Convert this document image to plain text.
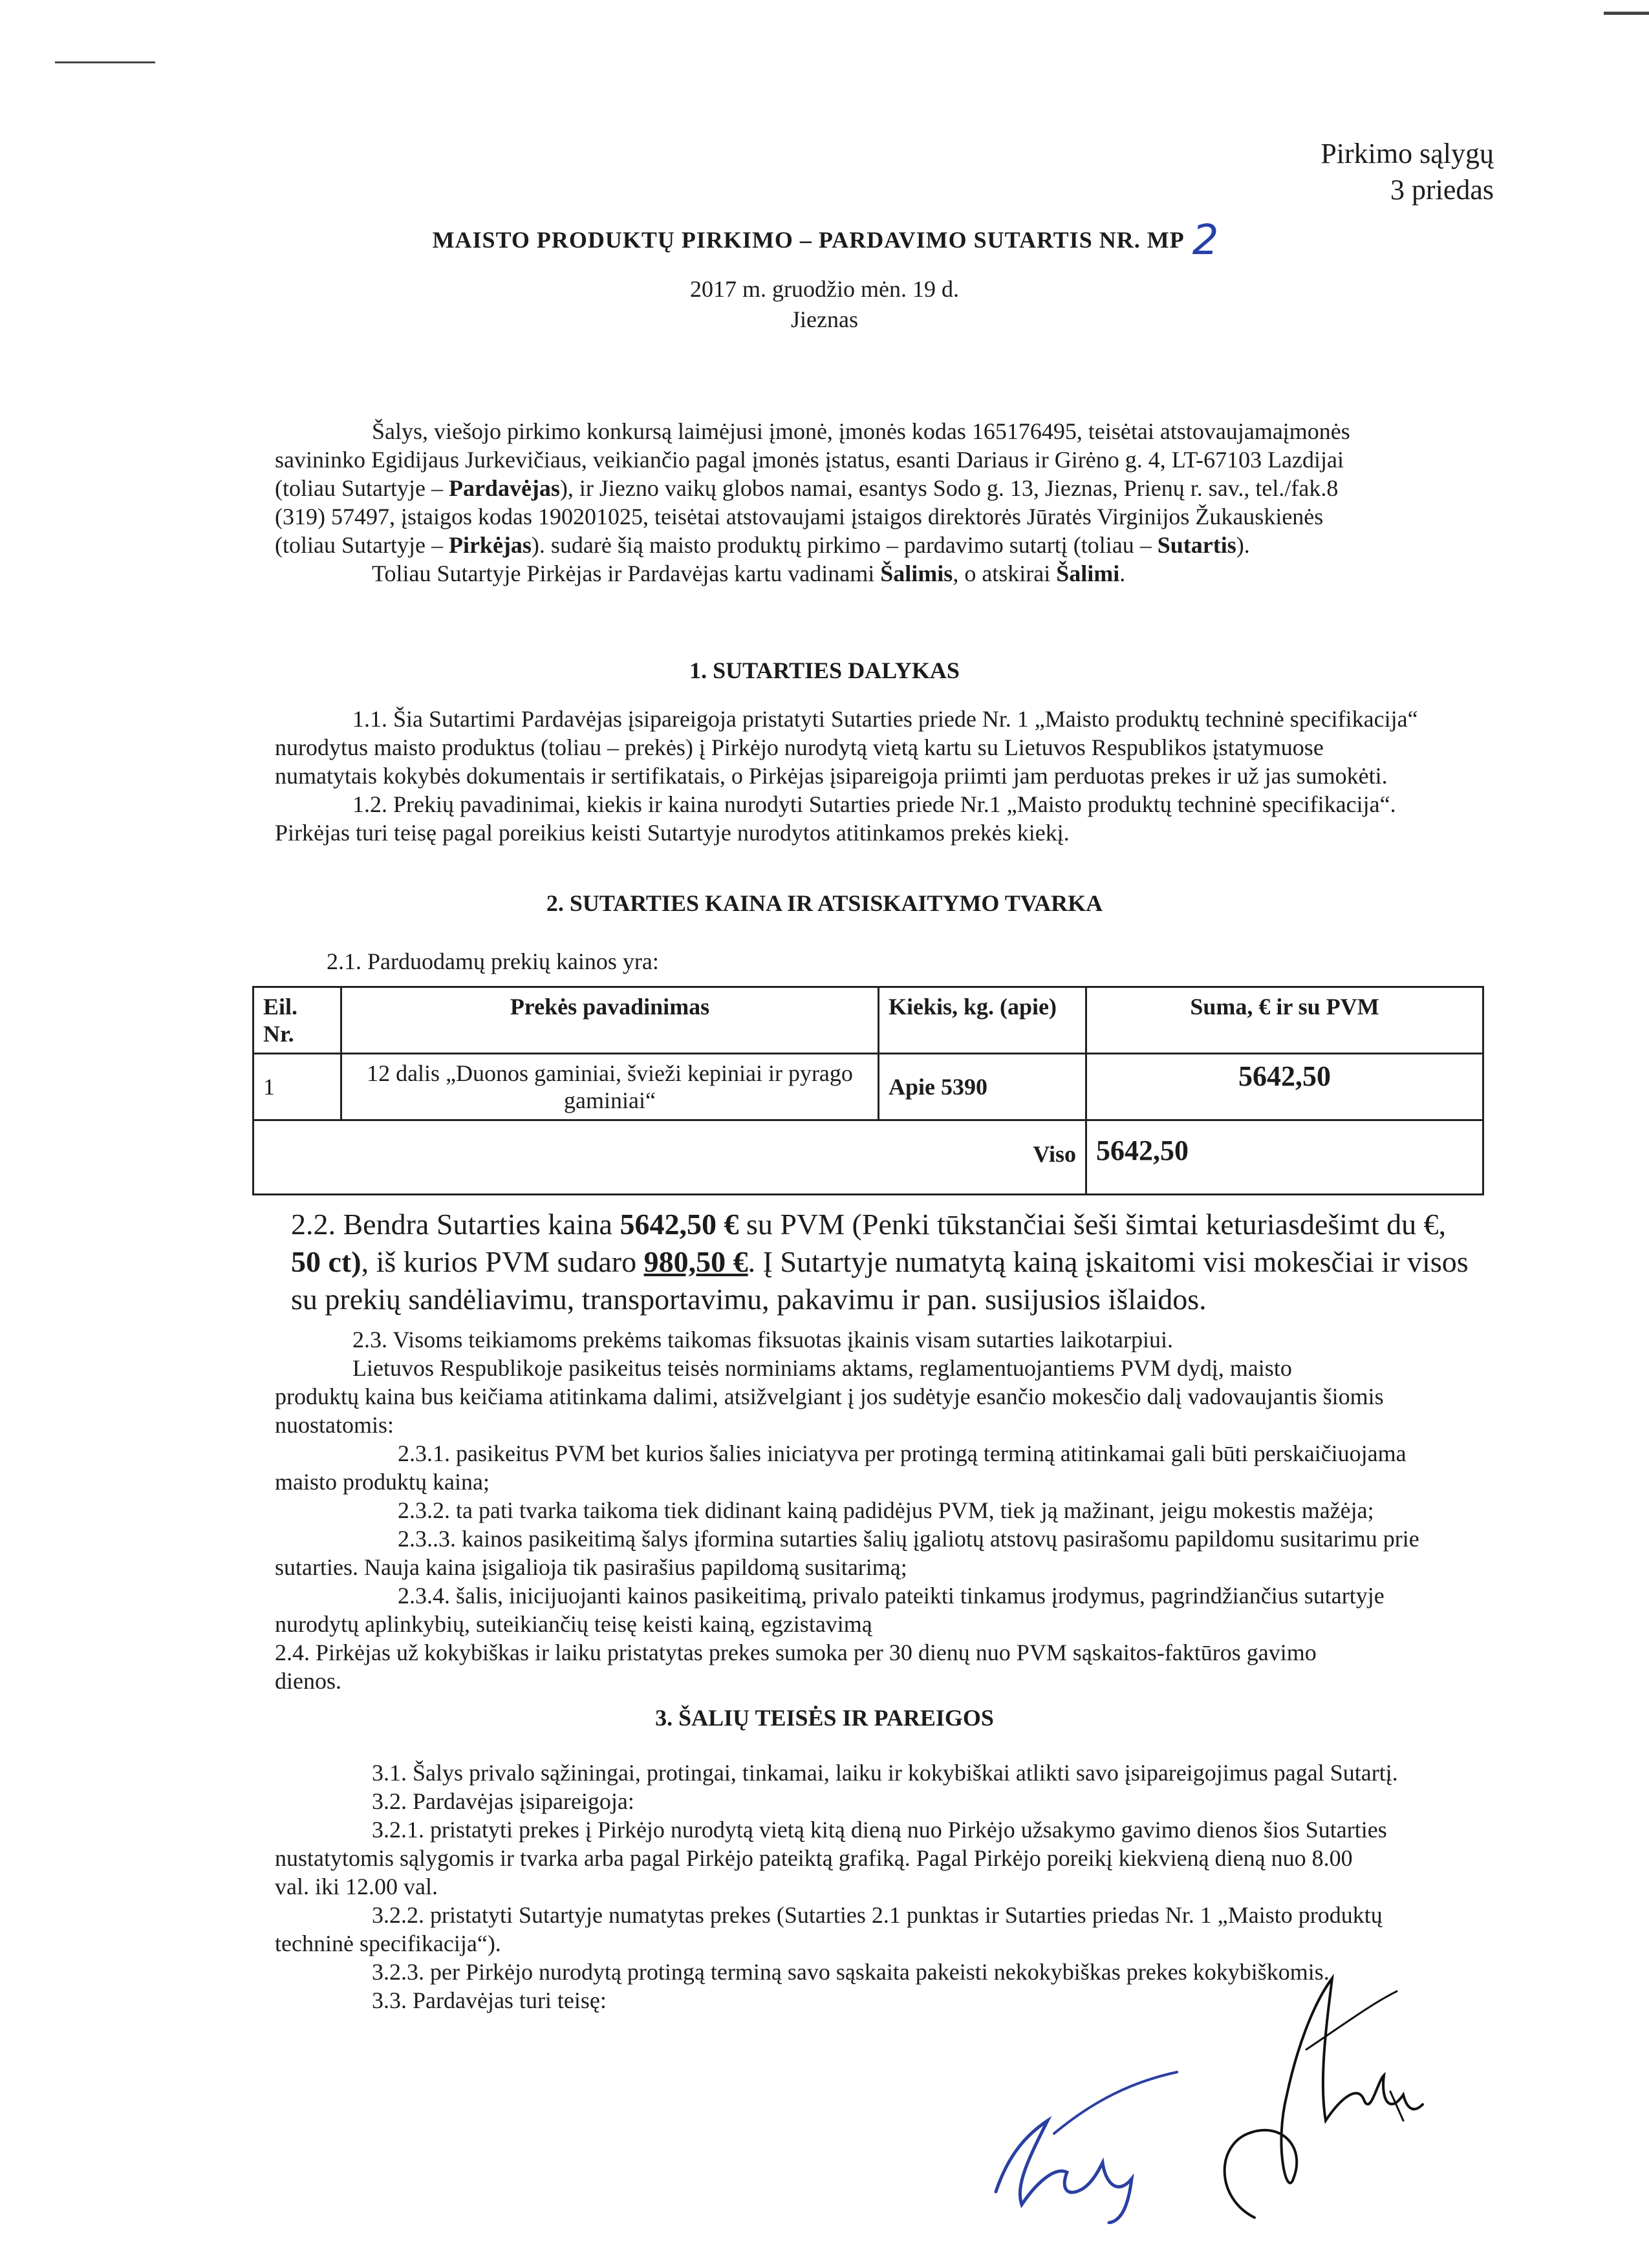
Pirkimo sąlygų
3 priedas
MAISTO PRODUKTŲ PIRKIMO – PARDAVIMO SUTARTIS NR. MP 2
2017 m. gruodžio mėn. 19 d.
Jieznas

Šalys, viešojo pirkimo konkursą laimėjusi įmonė, įmonės kodas 165176495, teisėtai atstovaujamaįmonės

savininko Egidijaus Jurkevičiaus, veikiančio pagal įmonės įstatus, esanti Dariaus ir Girėno g. 4, LT-67103 Lazdijai

(toliau Sutartyje – Pardavėjas), ir Jiezno vaikų globos namai, esantys Sodo g. 13, Jieznas, Prienų r. sav., tel./fak.8

(319) 57497, įstaigos kodas 190201025, teisėtai atstovaujami įstaigos direktorės Jūratės Virginijos Žukauskienės

(toliau Sutartyje – Pirkėjas). sudarė šią maisto produktų pirkimo – pardavimo sutartį (toliau – Sutartis).

Toliau Sutartyje Pirkėjas ir Pardavėjas kartu vadinami Šalimis, o atskirai Šalimi.

1. SUTARTIES DALYKAS

1.1. Šia Sutartimi Pardavėjas įsipareigoja pristatyti Sutarties priede Nr. 1 „Maisto produktų techninė specifikacija“

nurodytus maisto produktus (toliau – prekės) į Pirkėjo nurodytą vietą kartu su Lietuvos Respublikos įstatymuose

numatytais kokybės dokumentais ir sertifikatais, o Pirkėjas įsipareigoja priimti jam perduotas prekes ir už jas sumokėti.

1.2. Prekių pavadinimai, kiekis ir kaina nurodyti Sutarties priede Nr.1 „Maisto produktų techninė specifikacija“.

Pirkėjas turi teisę pagal poreikius keisti Sutartyje nurodytos atitinkamos prekės kiekį.

2. SUTARTIES KAINA IR ATSISKAITYMO TVARKA
2.1. Parduodamų prekių kainos yra:
Eil. Nr.	Prekės pavadinimas	Kiekis, kg. (apie)	Suma, € ir su PVM
1	12 dalis „Duonos gaminiai, švieži kepiniai ir pyrago gaminiai“	Apie 5390	5642,50
Viso			5642,50

2.2. Bendra Sutarties kaina 5642,50 € su PVM (Penki tūkstančiai šeši šimtai keturiasdešimt du €,

50 ct), iš kurios PVM sudaro 980,50 €. Į Sutartyje numatytą kainą įskaitomi visi mokesčiai ir visos

su prekių sandėliavimu, transportavimu, pakavimu ir pan. susijusios išlaidos.

2.3. Visoms teikiamoms prekėms taikomas fiksuotas įkainis visam sutarties laikotarpiui.

Lietuvos Respublikoje pasikeitus teisės norminiams aktams, reglamentuojantiems PVM dydį, maisto

produktų kaina bus keičiama atitinkama dalimi, atsižvelgiant į jos sudėtyje esančio mokesčio dalį vadovaujantis šiomis

nuostatomis:

2.3.1. pasikeitus PVM bet kurios šalies iniciatyva per protingą terminą atitinkamai gali būti perskaičiuojama

maisto produktų kaina;

2.3.2. ta pati tvarka taikoma tiek didinant kainą padidėjus PVM, tiek ją mažinant, jeigu mokestis mažėja;

2.3..3. kainos pasikeitimą šalys įformina sutarties šalių įgaliotų atstovų pasirašomu papildomu susitarimu prie

sutarties. Nauja kaina įsigalioja tik pasirašius papildomą susitarimą;

2.3.4. šalis, inicijuojanti kainos pasikeitimą, privalo pateikti tinkamus įrodymus, pagrindžiančius sutartyje

nurodytų aplinkybių, suteikiančių teisę keisti kainą, egzistavimą

2.4. Pirkėjas už kokybiškas ir laiku pristatytas prekes sumoka per 30 dienų nuo PVM sąskaitos-faktūros gavimo

dienos.

3. ŠALIŲ TEISĖS IR PAREIGOS

3.1. Šalys privalo sąžiningai, protingai, tinkamai, laiku ir kokybiškai atlikti savo įsipareigojimus pagal Sutartį.

3.2. Pardavėjas įsipareigoja:

3.2.1. pristatyti prekes į Pirkėjo nurodytą vietą kitą dieną nuo Pirkėjo užsakymo gavimo dienos šios Sutarties

nustatytomis sąlygomis ir tvarka arba pagal Pirkėjo pateiktą grafiką. Pagal Pirkėjo poreikį kiekvieną dieną nuo 8.00

val. iki 12.00 val.

3.2.2. pristatyti Sutartyje numatytas prekes (Sutarties 2.1 punktas ir Sutarties priedas Nr. 1 „Maisto produktų

techninė specifikacija“).

3.2.3. per Pirkėjo nurodytą protingą terminą savo sąskaita pakeisti nekokybiškas prekes kokybiškomis.

3.3. Pardavėjas turi teisę:
